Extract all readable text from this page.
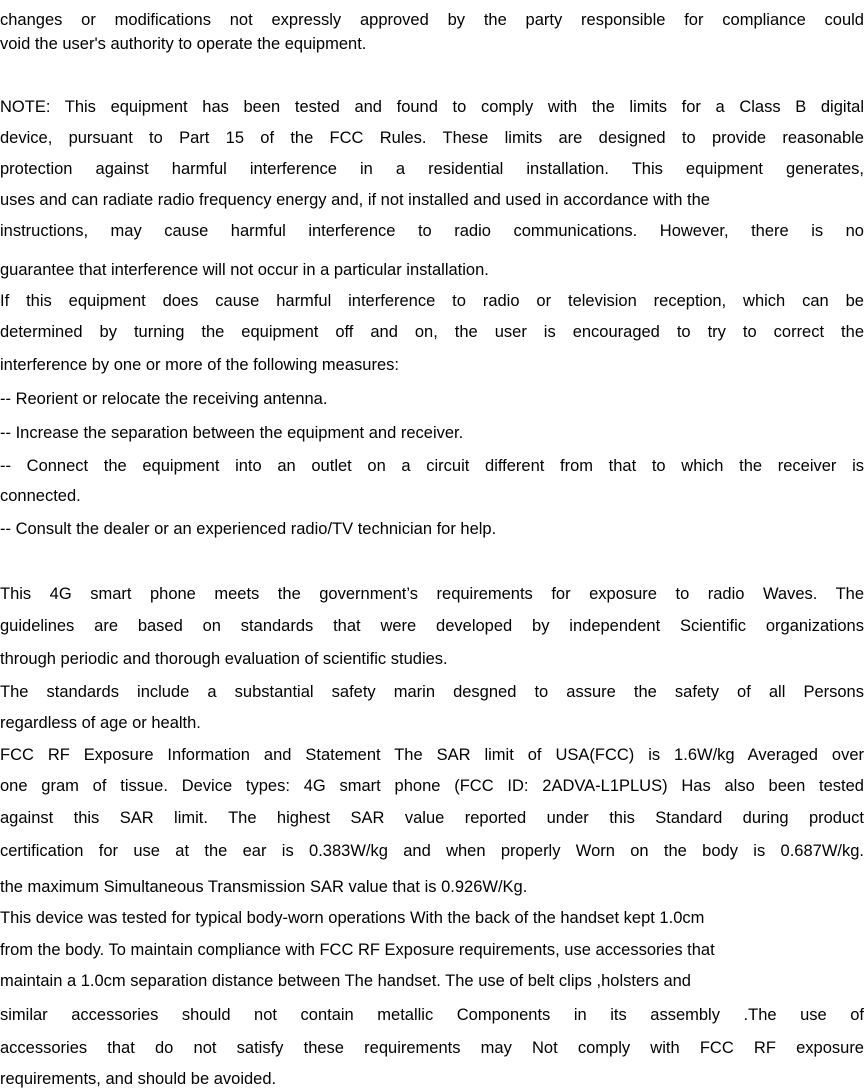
changes or modifications not expressly approved by the party responsible for compliance could
void the user's authority to operate the equipment.
NOTE: This equipment has been tested and found to comply with the limits for a Class B digital
device, pursuant to Part 15 of the FCC Rules. These limits are designed to provide reasonable
protection against harmful interference in a residential installation. This equipment generates,
uses and can radiate radio frequency energy and, if not installed and used in accordance with the
instructions, may cause harmful interference to radio communications. However, there is no
guarantee that interference will not occur in a particular installation.
If this equipment does cause harmful interference to radio or television reception, which can be
determined by turning the equipment off and on, the user is encouraged to try to correct the
interference by one or more of the following measures:
-- Reorient or relocate the receiving antenna.
-- Increase the separation between the equipment and receiver.
-- Connect the equipment into an outlet on a circuit different from that to which the receiver is
connected.
-- Consult the dealer or an experienced radio/TV technician for help.
This 4G smart phone meets the government’s requirements for exposure to radio Waves. The
guidelines are based on standards that were developed by independent Scientific organizations
through periodic and thorough evaluation of scientific studies.
The standards include a substantial safety marin desgned to assure the safety of all Persons
regardless of age or health.
FCC RF Exposure Information and Statement The SAR limit of USA(FCC) is 1.6W/kg Averaged over
one gram of tissue. Device types: 4G smart phone (FCC ID: 2ADVA-L1PLUS) Has also been tested
against this SAR limit. The highest SAR value reported under this Standard during product
certification for use at the ear is 0.383W/kg and when properly Worn on the body is 0.687W/kg.
the maximum Simultaneous Transmission SAR value that is 0.926W/Kg.
This device was tested for typical body-worn operations With the back of the handset kept 1.0cm
from the body. To maintain compliance with FCC RF Exposure requirements, use accessories that
maintain a 1.0cm separation distance between The handset. The use of belt clips ,holsters and
similar accessories should not contain metallic Components in its assembly .The use of
accessories that do not satisfy these requirements may Not comply with FCC RF exposure
requirements, and should be avoided.
